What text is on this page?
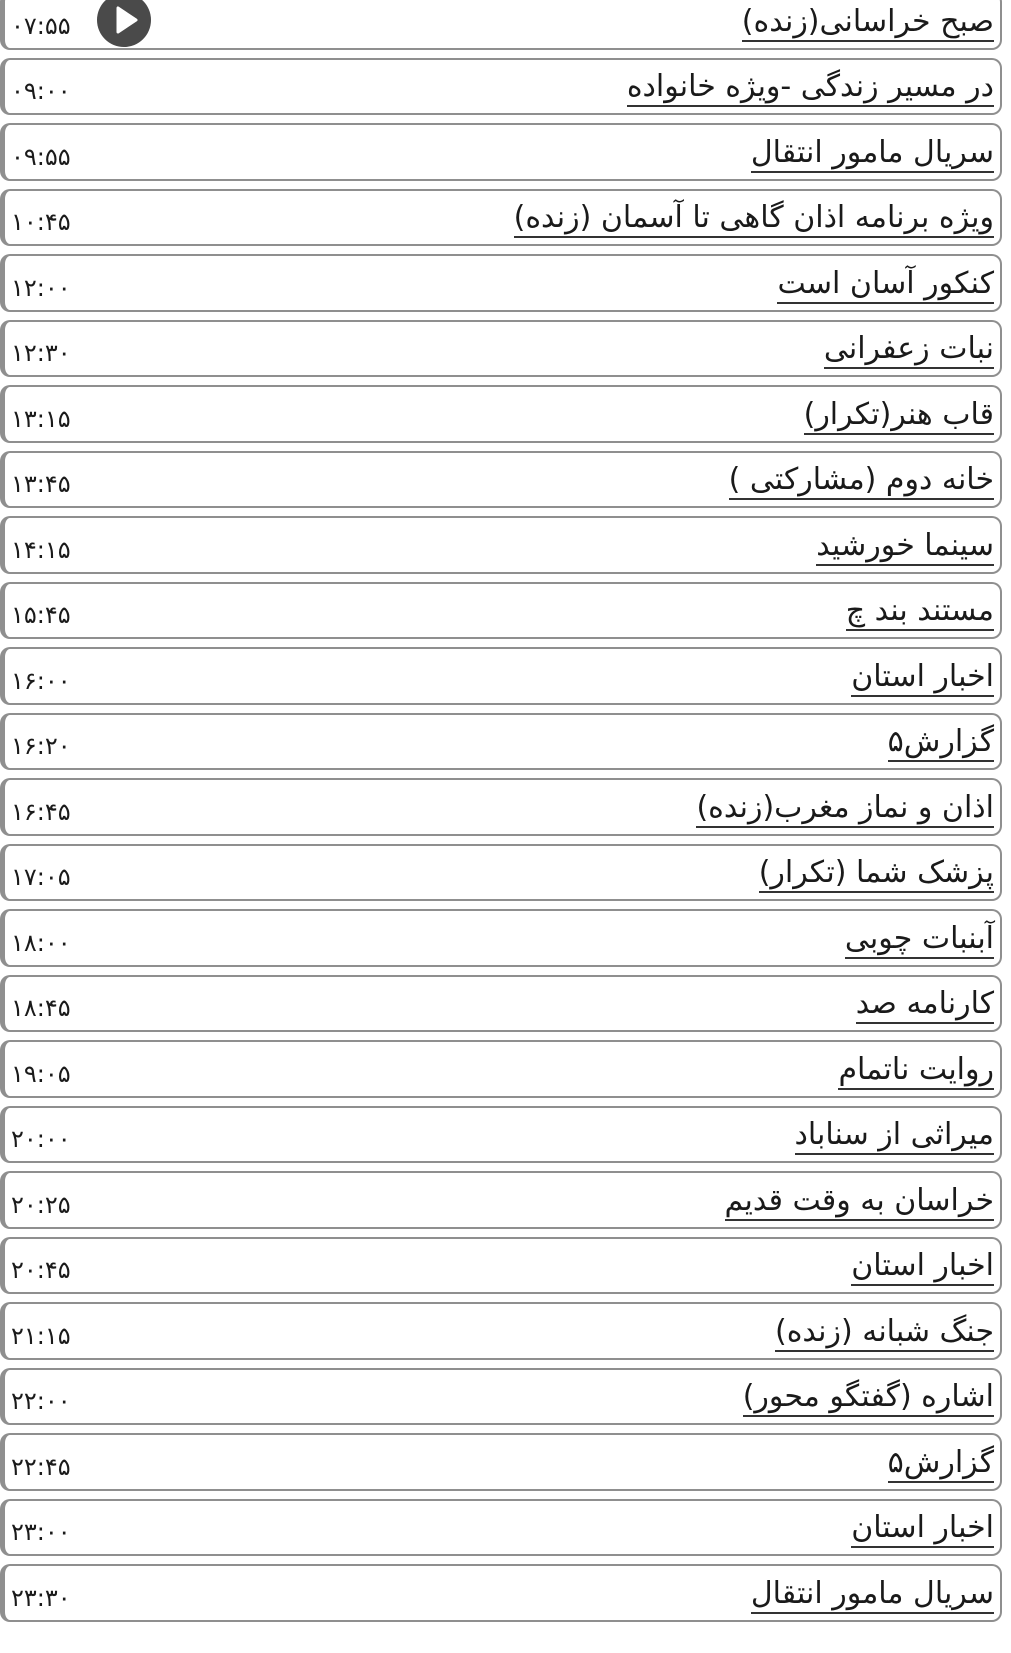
صبح خراسانی(زنده)
۰۷:۵۵
در مسیر زندگی -ویژه خانواده
۰۹:۰۰
سریال مامور انتقال
۰۹:۵۵
ویژه برنامه اذان گاهی تا آسمان (زنده)
۱۰:۴۵
کنکور آسان است
۱۲:۰۰
نبات زعفرانی
۱۲:۳۰
قاب هنر(تکرار)
۱۳:۱۵
خانه دوم (مشارکتی )
۱۳:۴۵
سینما خورشید
۱۴:۱۵
مستند بند چ
۱۵:۴۵
اخبار استان
۱۶:۰۰
گزارش۵
۱۶:۲۰
اذان و نماز مغرب(زنده)
۱۶:۴۵
پزشک شما (تکرار)
۱۷:۰۵
آبنبات چوبی
۱۸:۰۰
کارنامه صد
۱۸:۴۵
روایت ناتمام
۱۹:۰۵
میراثی از سناباد
۲۰:۰۰
خراسان به وقت قدیم
۲۰:۲۵
اخبار استان
۲۰:۴۵
جنگ شبانه (زنده)
۲۱:۱۵
اشاره (گفتگو محور)
۲۲:۰۰
گزارش۵
۲۲:۴۵
اخبار استان
۲۳:۰۰
سریال مامور انتقال
۲۳:۳۰
